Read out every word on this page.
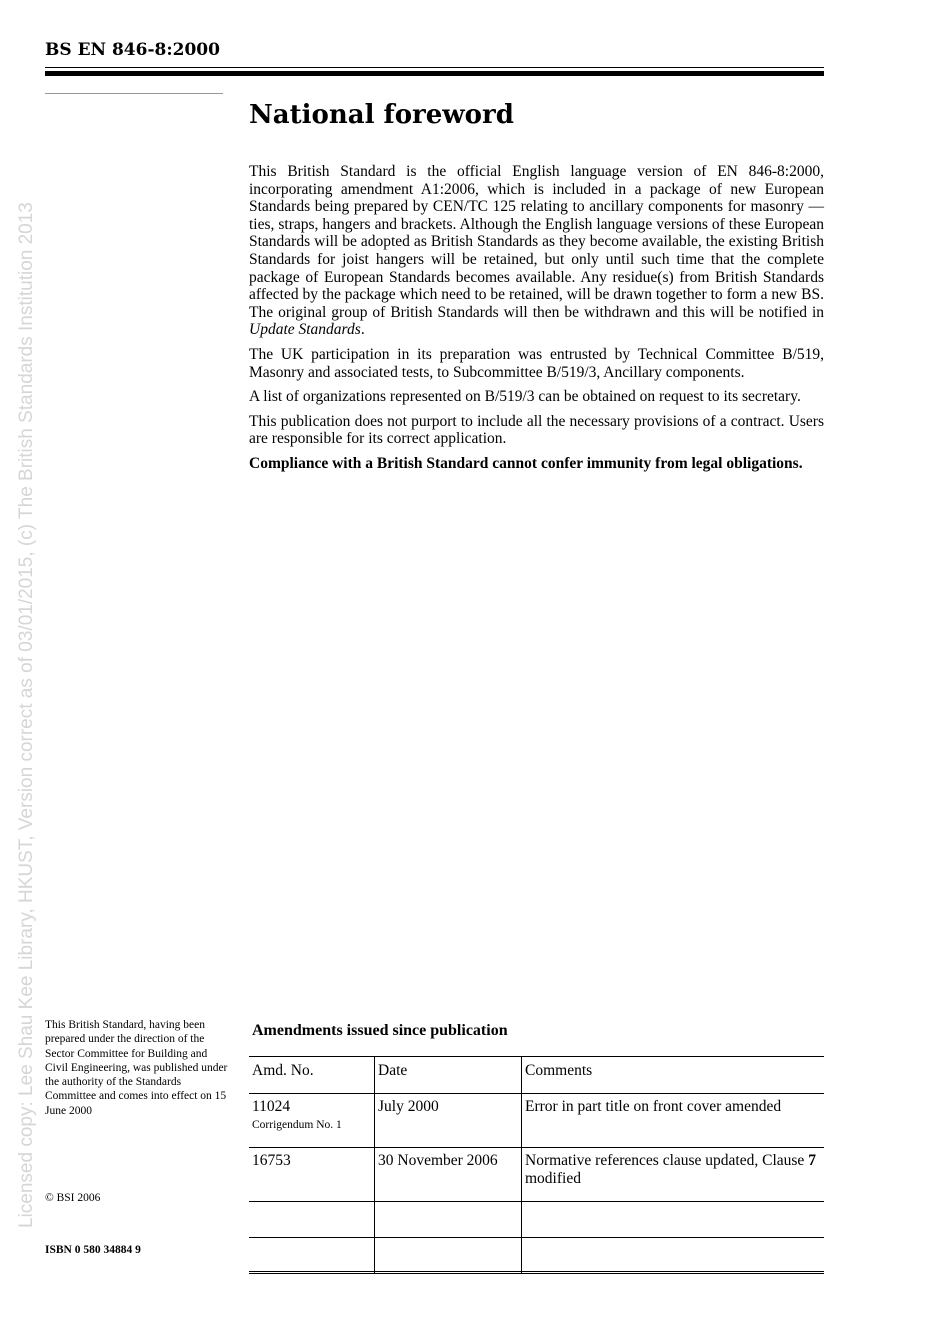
BS EN 846-8:2000
Licensed copy: Lee Shau Kee Library, HKUST, Version correct as of 03/01/2015, (c) The British Standards Institution 2013
National foreword

This British Standard is the official English language version of EN 846-8:2000, incorporating amendment A1:2006, which is included in a package of new European Standards being prepared by CEN/TC 125 relating to ancillary components for masonry — ties, straps, hangers and brackets. Although the English language versions of these European Standards will be adopted as British Standards as they become available, the existing British Standards for joist hangers will be retained, but only until such time that the complete package of European Standards becomes available. Any residue(s) from British Standards affected by the package which need to be retained, will be drawn together to form a new BS. The original group of British Standards will then be withdrawn and this will be notified in Update Standards.

The UK participation in its preparation was entrusted by Technical Committee B/519, Masonry and associated tests, to Subcommittee B/519/3, Ancillary components.

A list of organizations represented on B/519/3 can be obtained on request to its secretary.

This publication does not purport to include all the necessary provisions of a contract. Users are responsible for its correct application.

Compliance with a British Standard cannot confer immunity from legal obligations.

This British Standard, having been prepared under the direction of the Sector Committee for Building and Civil Engineering, was published under the authority of the Standards Committee and comes into effect on 15 June 2000
© BSI 2006
ISBN 0 580 34884 9
Amendments issued since publication
Amd. No.	Date	Comments
11024
Corrigendum No. 1	July 2000	Error in part title on front cover amended
16753	30 November 2006	Normative references clause updated, Clause 7 modified
